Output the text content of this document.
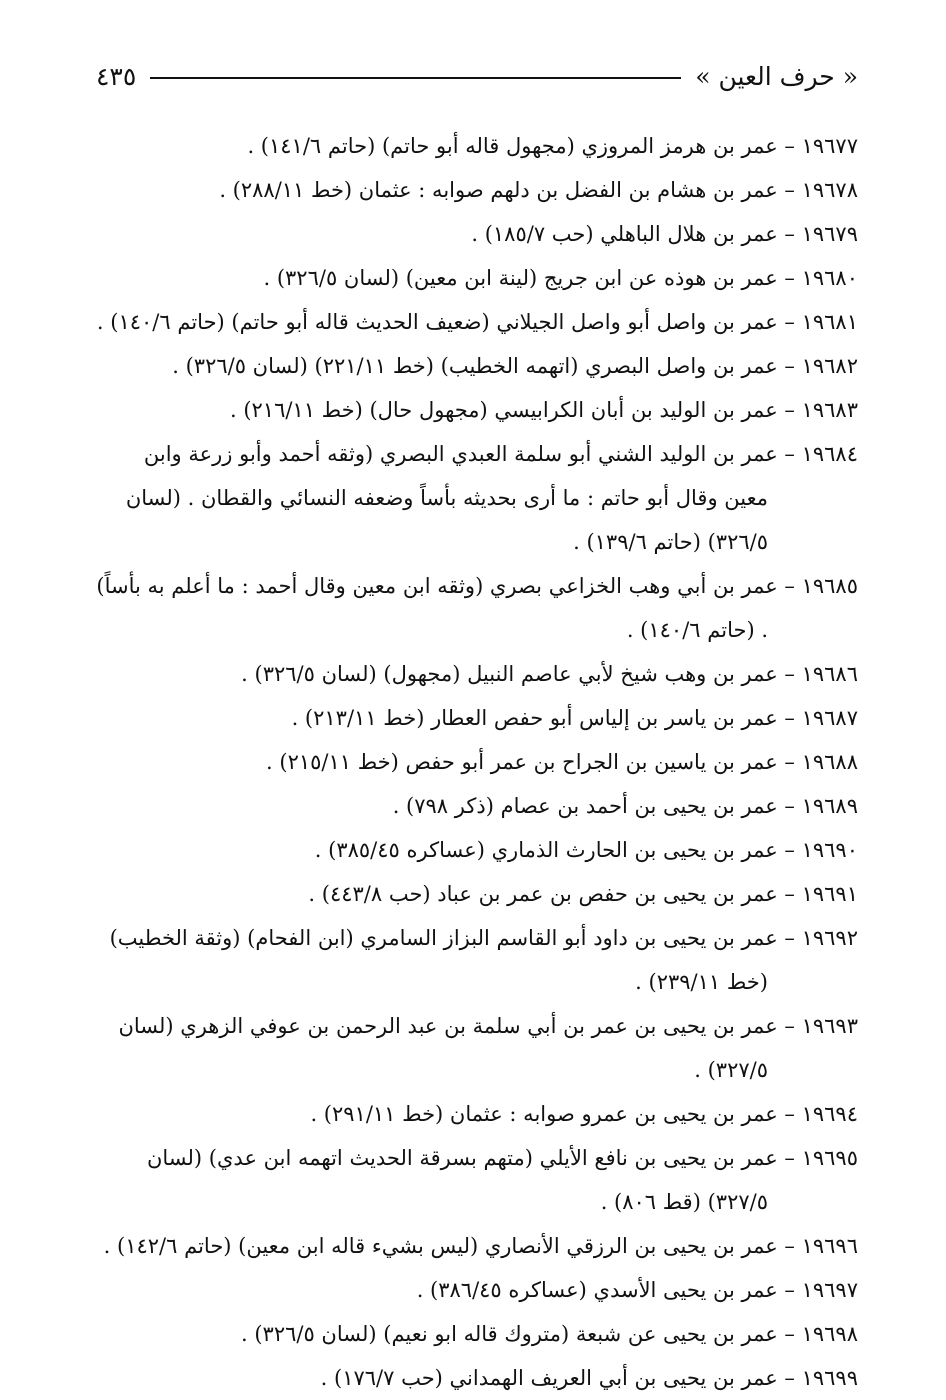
« حرف العين »
٤٣٥

١٩٦٧٧ – عمر بن هرمز المروزي (مجهول قاله أبو حاتم) (حاتم ١٤١/٦) .

١٩٦٧٨ – عمر بن هشام بن الفضل بن دلهم صوابه : عثمان (خط ٢٨٨/١١) .

١٩٦٧٩ – عمر بن هلال الباهلي (حب ١٨٥/٧) .

١٩٦٨٠ – عمر بن هوذه عن ابن جريج (لينة ابن معين) (لسان ٣٢٦/٥) .

١٩٦٨١ – عمر بن واصل أبو واصل الجيلاني (ضعيف الحديث قاله أبو حاتم) (حاتم ١٤٠/٦) .

١٩٦٨٢ – عمر بن واصل البصري (اتهمه الخطيب) (خط ٢٢١/١١) (لسان ٣٢٦/٥) .

١٩٦٨٣ – عمر بن الوليد بن أبان الكرابيسي (مجهول حال) (خط ٢١٦/١١) .

١٩٦٨٤ – عمر بن الوليد الشني أبو سلمة العبدي البصري (وثقه أحمد وأبو زرعة وابن معين وقال أبو حاتم : ما أرى بحديثه بأساً وضعفه النسائي والقطان . (لسان ٣٢٦/٥) (حاتم ١٣٩/٦) .

١٩٦٨٥ – عمر بن أبي وهب الخزاعي بصري (وثقه ابن معين وقال أحمد : ما أعلم به بأساً) . (حاتم ١٤٠/٦) .

١٩٦٨٦ – عمر بن وهب شيخ لأبي عاصم النبيل (مجهول) (لسان ٣٢٦/٥) .

١٩٦٨٧ – عمر بن ياسر بن إلياس أبو حفص العطار (خط ٢١٣/١١) .

١٩٦٨٨ – عمر بن ياسين بن الجراح بن عمر أبو حفص (خط ٢١٥/١١) .

١٩٦٨٩ – عمر بن يحيى بن أحمد بن عصام (ذكر ٧٩٨) .

١٩٦٩٠ – عمر بن يحيى بن الحارث الذماري (عساكره ٣٨٥/٤٥) .

١٩٦٩١ – عمر بن يحيى بن حفص بن عمر بن عباد (حب ٤٤٣/٨) .

١٩٦٩٢ – عمر بن يحيى بن داود أبو القاسم البزاز السامري (ابن الفحام) (وثقة الخطيب) (خط ٢٣٩/١١) .

١٩٦٩٣ – عمر بن يحيى بن عمر بن أبي سلمة بن عبد الرحمن بن عوفي الزهري (لسان ٣٢٧/٥) .

١٩٦٩٤ – عمر بن يحيى بن عمرو صوابه : عثمان (خط ٢٩١/١١) .

١٩٦٩٥ – عمر بن يحيى بن نافع الأيلي (متهم بسرقة الحديث اتهمه ابن عدي) (لسان ٣٢٧/٥) (قط ٨٠٦) .

١٩٦٩٦ – عمر بن يحيى بن الرزقي الأنصاري (ليس بشيء قاله ابن معين) (حاتم ١٤٢/٦) .

١٩٦٩٧ – عمر بن يحيى الأسدي (عساكره ٣٨٦/٤٥) .

١٩٦٩٨ – عمر بن يحيى عن شبعة (متروك قاله ابو نعيم) (لسان ٣٢٦/٥) .

١٩٦٩٩ – عمر بن يحيى بن أبي العريف الهمداني (حب ١٧٦/٧) .
